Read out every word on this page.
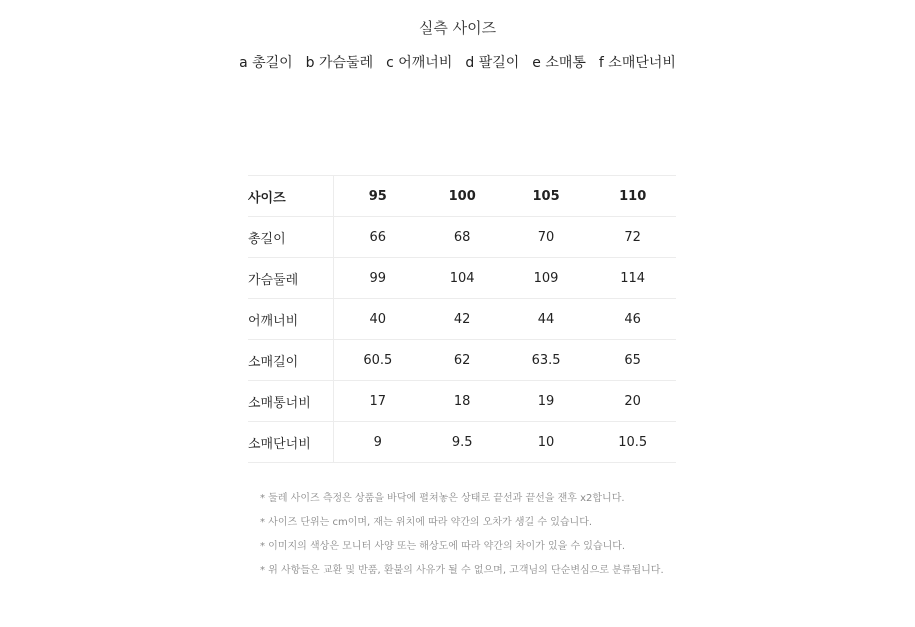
실측 사이즈
a 총길이 b 가슴둘레 c 어깨너비 d 팔길이 e 소매통 f 소매단너비
사이즈	95	100	105	110
총길이	66	68	70	72
가슴둘레	99	104	109	114
어깨너비	40	42	44	46
소매길이	60.5	62	63.5	65
소매통너비	17	18	19	20
소매단너비	9	9.5	10	10.5
* 둘레 사이즈 측정은 상품을 바닥에 펼쳐놓은 상태로 끝선과 끝선을 잰후 x2합니다.
* 사이즈 단위는 cm이며, 재는 위치에 따라 약간의 오차가 생길 수 있습니다.
* 이미지의 색상은 모니터 사양 또는 해상도에 따라 약간의 차이가 있을 수 있습니다.
* 위 사항들은 교환 및 반품, 환불의 사유가 될 수 없으며, 고객님의 단순변심으로 분류됩니다.
